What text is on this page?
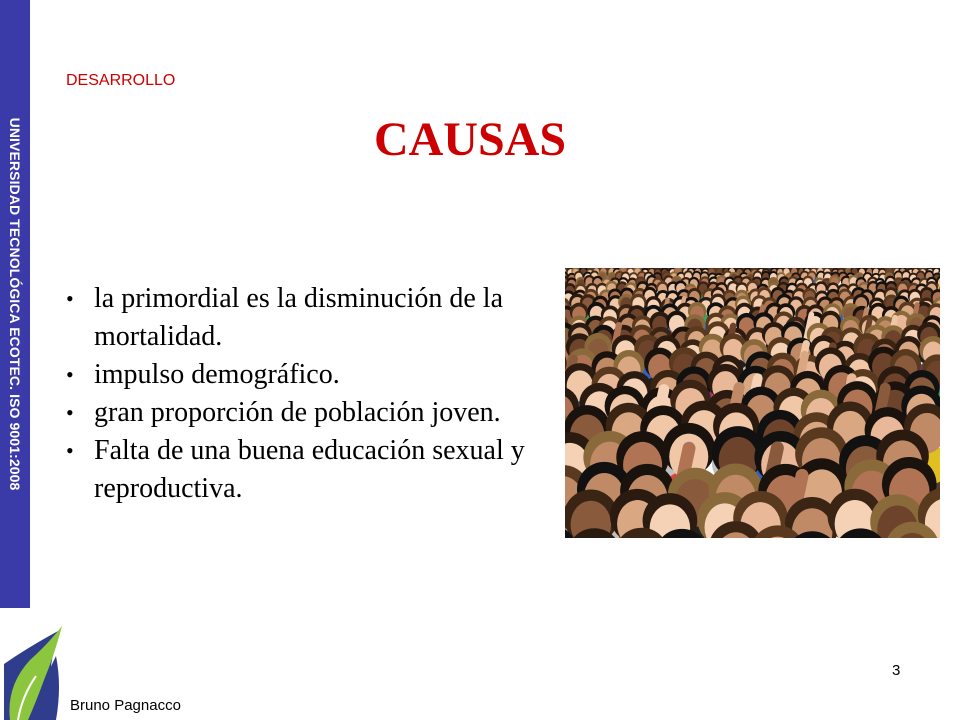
UNIVERSIDAD TECNOLÓGICA ECOTEC. ISO 9001:2008
DESARROLLO
CAUSAS
• la primordial es la disminución de la mortalidad.
• impulso demográfico.
• gran proporción de población joven.
• Falta de una buena educación sexual y reproductiva.
Bruno Pagnacco
3
